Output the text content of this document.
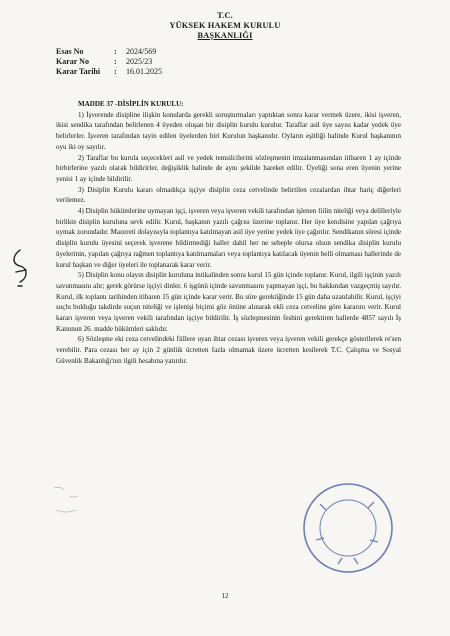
T.C.
YÜKSEK HAKEM KURULU
BAŞKANLIĞI
Esas No	:	2024/569
Karar No	:	2025/23
Karar Tarihi	:	16.01.2025

MADDE 37 -DİSİPLİN KURULU:

1) İşverende disipline ilişkin konularda gerekli soruşturmaları yaptıktan sonra karar vermek üzere, ikisi işveren, ikisi sendika tarafından belirlenen 4 üyeden oluşan bir disiplin kurulu kurulur. Taraflar asil üye sayısı kadar yedek üye belirlerler. İşveren tarafından tayin edilen üyelerden biri Kurulun başkanıdır. Oyların eşitliği halinde Kurul başkanının oyu iki oy sayılır.

2) Taraflar bu kurula seçecekleri asil ve yedek temsilcilerini sözleşmenin imzalanmasından itibaren 1 ay içinde birbirlerine yazılı olarak bildirirler, değişiklik halinde de aynı şekilde hareket edilir. Üyeliği sona eren üyenin yerine yenisi 1 ay içinde bildirilir.

3) Disiplin Kurulu kararı olmadıkça işçiye disiplin ceza cetvelinde belirtilen cezalardan ihtar hariç diğerleri verilemez.

4) Disiplin hükümlerine uymayan işçi, işveren veya işveren vekili tarafından işlenen fiilin niteliği veya delilleriyle birlikte disiplin kuruluna sevk edilir. Kurul, başkanın yazılı çağrısı üzerine toplanır. Her üye kendisine yapılan çağrıya uymak zorundadır. Mazereti dolayısıyla toplantıya katılmayan asil üye yerine yedek üye çağırılır. Sendikanın süresi içinde disiplin kurulu üyesini seçerek işverene bildirmediği haller dahil her ne sebeple olursa olsun sendika disiplin kurulu üyelerinin, yapılan çağrıya rağmen toplantıya katılmamaları veya toplantıya katılacak üyenin belli olmaması hallerinde de kurul başkan ve diğer üyeleri ile toplanarak karar verir.

5) Disiplin konu olayın disiplin kuruluna intikalinden sonra kurul 15 gün içinde toplanır. Kurul, ilgili işçinin yazılı savunmasını alır; gerek görürse işçiyi dinler. 6 işgünü içinde savunmasını yapmayan işçi, bu hakkından vazgeçmiş sayılır. Kurul, ilk toplantı tarihinden itibaren 15 gün içinde karar verir. Bu süre gerektiğinde 15 gün daha uzatılabilir. Kurul, işçiyi suçlu bulduğu takdirde suçun niteliği ve işlenişi biçimi göz önüne alınarak ekli ceza cetveline göre kararını verir. Kurul kararı işveren veya işveren vekili tarafından işçiye bildirilir. İş sözleşmesinin feshini gerektiren hallerde 4857 sayılı İş Kanunun 26. madde hükümleri saklıdır.

6) Sözleşme eki ceza cetvelindeki fiillere uyan ihtar cezası işveren veya işveren vekili gerekçe gösterilerek re'sen verebilir. Para cezası her ay için 2 günlük ücretten fazla olmamak üzere ücretten kesilerek T.C. Çalışma ve Sosyal Güvenlik Bakanlığı'nın ilgili hesabına yatırılır.

12
